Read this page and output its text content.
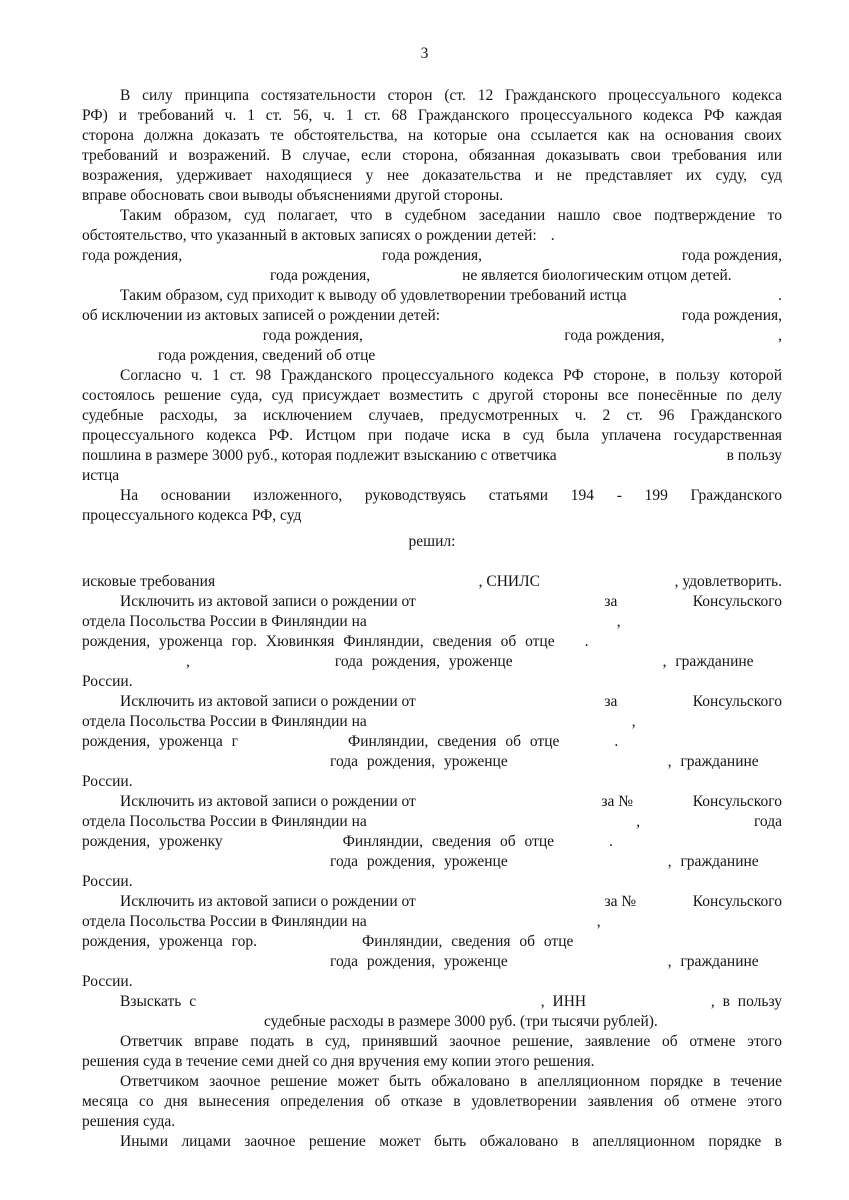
3
В силу принципа состязательности сторон (ст. 12 Гражданского процессуального кодекса
РФ) и требований ч. 1 ст. 56, ч. 1 ст. 68 Гражданского процессуального кодекса РФ каждая
сторона должна доказать те обстоятельства, на которые она ссылается как на основания своих
требований и возражений. В случае, если сторона, обязанная доказывать свои требования или
возражения, удерживает находящиеся у нее доказательства и не представляет их суду, суд
вправе обосновать свои выводы объяснениями другой стороны.
Таким образом, суд полагает, что в судебном заседании нашло свое подтверждение то
обстоятельство, что указанный в актовых записях о рождении детей: .
года рождения,	года рождения,	года рождения,
года рождения,	не является биологическим отцом детей.
Таким образом, суд приходит к выводу об удовлетворении требований истца	.
об исключении из актовых записей о рождении детей:	года рождения,
года рождения,	года рождения,	,
года рождения, сведений об отце
Согласно ч. 1 ст. 98 Гражданского процессуального кодекса РФ стороне, в пользу которой
состоялось решение суда, суд присуждает возместить с другой стороны все понесённые по делу
судебные расходы, за исключением случаев, предусмотренных ч. 2 ст. 96 Гражданского
процессуального кодекса РФ. Истцом при подаче иска в суд была уплачена государственная
пошлина в размере 3000 руб., которая подлежит взысканию с ответчика	в пользу
истца
На основании изложенного, руководствуясь статьями 194 - 199 Гражданского
процессуального кодекса РФ, суд
решил:
исковые требования	, СНИЛС	, удовлетворить.
Исключить из актовой записи о рождении от	за	Консульского
отдела Посольства России в Финляндии на	,
рождения, уроженца гор. Хювинкяя Финляндии, сведения об отце .
,	года рождения, уроженце	, гражданине
России.
Исключить из актовой записи о рождении от	за	Консульского
отдела Посольства России в Финляндии на	,
рождения, уроженца г	Финляндии, сведения об отце	.
года рождения, уроженце	, гражданине
России.
Исключить из актовой записи о рождении от	за №	Консульского
отдела Посольства России в Финляндии на	,	года
рождения, уроженку	Финляндии, сведения об отце	.
года рождения, уроженце	, гражданине
России.
Исключить из актовой записи о рождении от	за №	Консульского
отдела Посольства России в Финляндии на	,
рождения, уроженца гор.	Финляндии, сведения об отце
года рождения, уроженце	, гражданине
России.
Взыскать с	, ИНН	, в пользу
судебные расходы в размере 3000 руб. (три тысячи рублей).
Ответчик вправе подать в суд, принявший заочное решение, заявление об отмене этого
решения суда в течение семи дней со дня вручения ему копии этого решения.
Ответчиком заочное решение может быть обжаловано в апелляционном порядке в течение
месяца со дня вынесения определения об отказе в удовлетворении заявления об отмене этого
решения суда.
Иными лицами заочное решение может быть обжаловано в апелляционном порядке в
